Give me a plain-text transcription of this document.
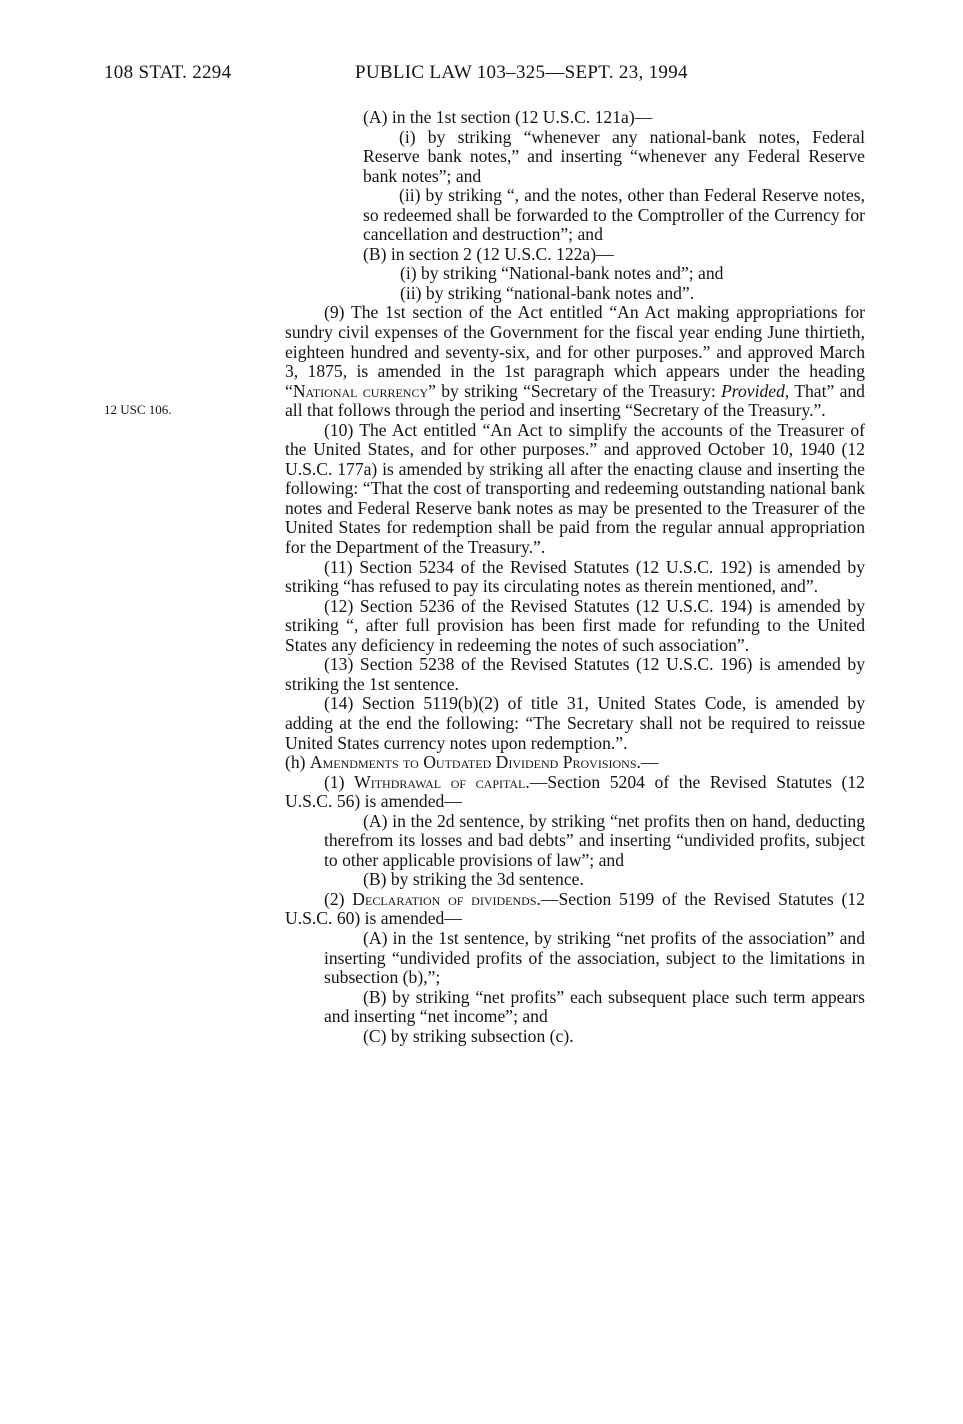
108 STAT. 2294	PUBLIC LAW 103–325—SEPT. 23, 1994
12 USC 106.
(A) in the 1st section (12 U.S.C. 121a)—
(i) by striking “whenever any national-bank notes, Federal Reserve bank notes,” and inserting “whenever any Federal Reserve bank notes”; and
(ii) by striking “, and the notes, other than Federal Reserve notes, so redeemed shall be forwarded to the Comptroller of the Currency for cancellation and destruction”; and
(B) in section 2 (12 U.S.C. 122a)—
(i) by striking “National-bank notes and”; and
(ii) by striking “national-bank notes and”.
(9) The 1st section of the Act entitled “An Act making appropriations for sundry civil expenses of the Government for the fiscal year ending June thirtieth, eighteen hundred and seventy-six, and for other purposes.” and approved March 3, 1875, is amended in the 1st paragraph which appears under the heading “National currency” by striking “Secretary of the Treasury: Provided, That” and all that follows through the period and inserting “Secretary of the Treasury.”.
(10) The Act entitled “An Act to simplify the accounts of the Treasurer of the United States, and for other purposes.” and approved October 10, 1940 (12 U.S.C. 177a) is amended by striking all after the enacting clause and inserting the following: “That the cost of transporting and redeeming outstanding national bank notes and Federal Reserve bank notes as may be presented to the Treasurer of the United States for redemption shall be paid from the regular annual appropriation for the Department of the Treasury.”.
(11) Section 5234 of the Revised Statutes (12 U.S.C. 192) is amended by striking “has refused to pay its circulating notes as therein mentioned, and”.
(12) Section 5236 of the Revised Statutes (12 U.S.C. 194) is amended by striking “, after full provision has been first made for refunding to the United States any deficiency in redeeming the notes of such association”.
(13) Section 5238 of the Revised Statutes (12 U.S.C. 196) is amended by striking the 1st sentence.
(14) Section 5119(b)(2) of title 31, United States Code, is amended by adding at the end the following: “The Secretary shall not be required to reissue United States currency notes upon redemption.”.
(h) Amendments to Outdated Dividend Provisions.—
(1) Withdrawal of capital.—Section 5204 of the Revised Statutes (12 U.S.C. 56) is amended—
(A) in the 2d sentence, by striking “net profits then on hand, deducting therefrom its losses and bad debts” and inserting “undivided profits, subject to other applicable provisions of law”; and
(B) by striking the 3d sentence.
(2) Declaration of dividends.—Section 5199 of the Revised Statutes (12 U.S.C. 60) is amended—
(A) in the 1st sentence, by striking “net profits of the association” and inserting “undivided profits of the association, subject to the limitations in subsection (b),”;
(B) by striking “net profits” each subsequent place such term appears and inserting “net income”; and
(C) by striking subsection (c).
